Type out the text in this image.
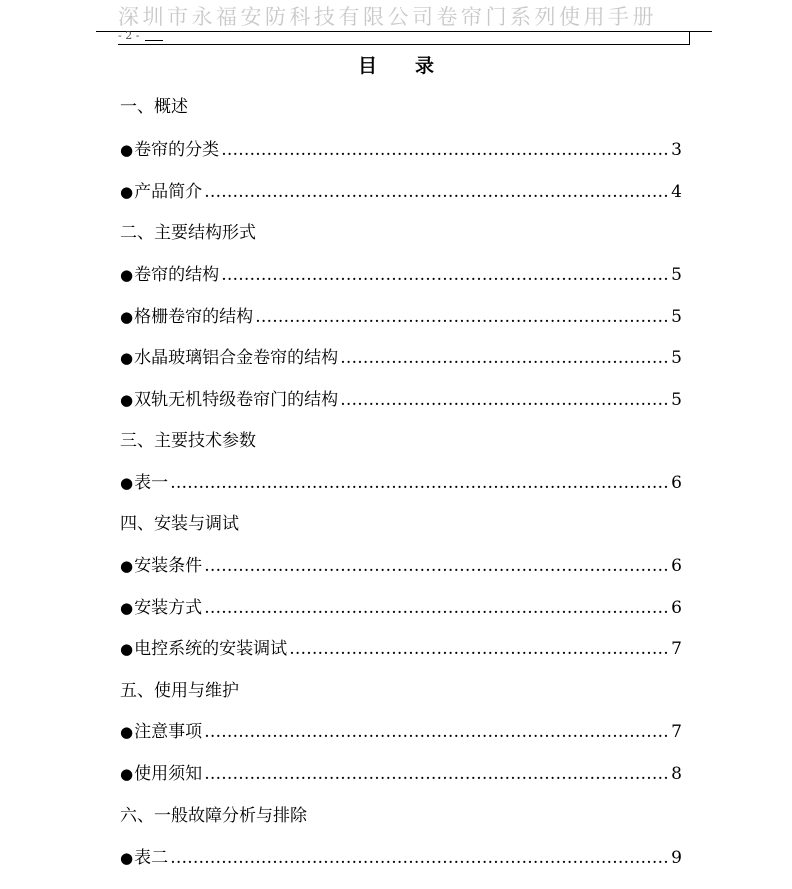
深圳市永福安防科技有限公司卷帘门系列使用手册
- 2 -
目录
一、概述
● 卷帘的分类 ……………………………………………………………………………………………………………………………………………………………	3
● 产品简介 ……………………………………………………………………………………………………………………………………………………………	4
二、主要结构形式
● 卷帘的结构 ……………………………………………………………………………………………………………………………………………………………	5
● 格栅卷帘的结构 ……………………………………………………………………………………………………………………………………………………………	5
● 水晶玻璃铝合金卷帘的结构 ……………………………………………………………………………………………………………………………………………………………	5
● 双轨无机特级卷帘门的结构 ……………………………………………………………………………………………………………………………………………………………	5
三、主要技术参数
● 表一 ……………………………………………………………………………………………………………………………………………………………	6
四、安装与调试
● 安装条件 ……………………………………………………………………………………………………………………………………………………………	6
● 安装方式 ……………………………………………………………………………………………………………………………………………………………	6
● 电控系统的安装调试 ……………………………………………………………………………………………………………………………………………………………	7
五、使用与维护
● 注意事项 ……………………………………………………………………………………………………………………………………………………………	7
● 使用须知 ……………………………………………………………………………………………………………………………………………………………	8
六、一般故障分析与排除
● 表二 ……………………………………………………………………………………………………………………………………………………………	9
